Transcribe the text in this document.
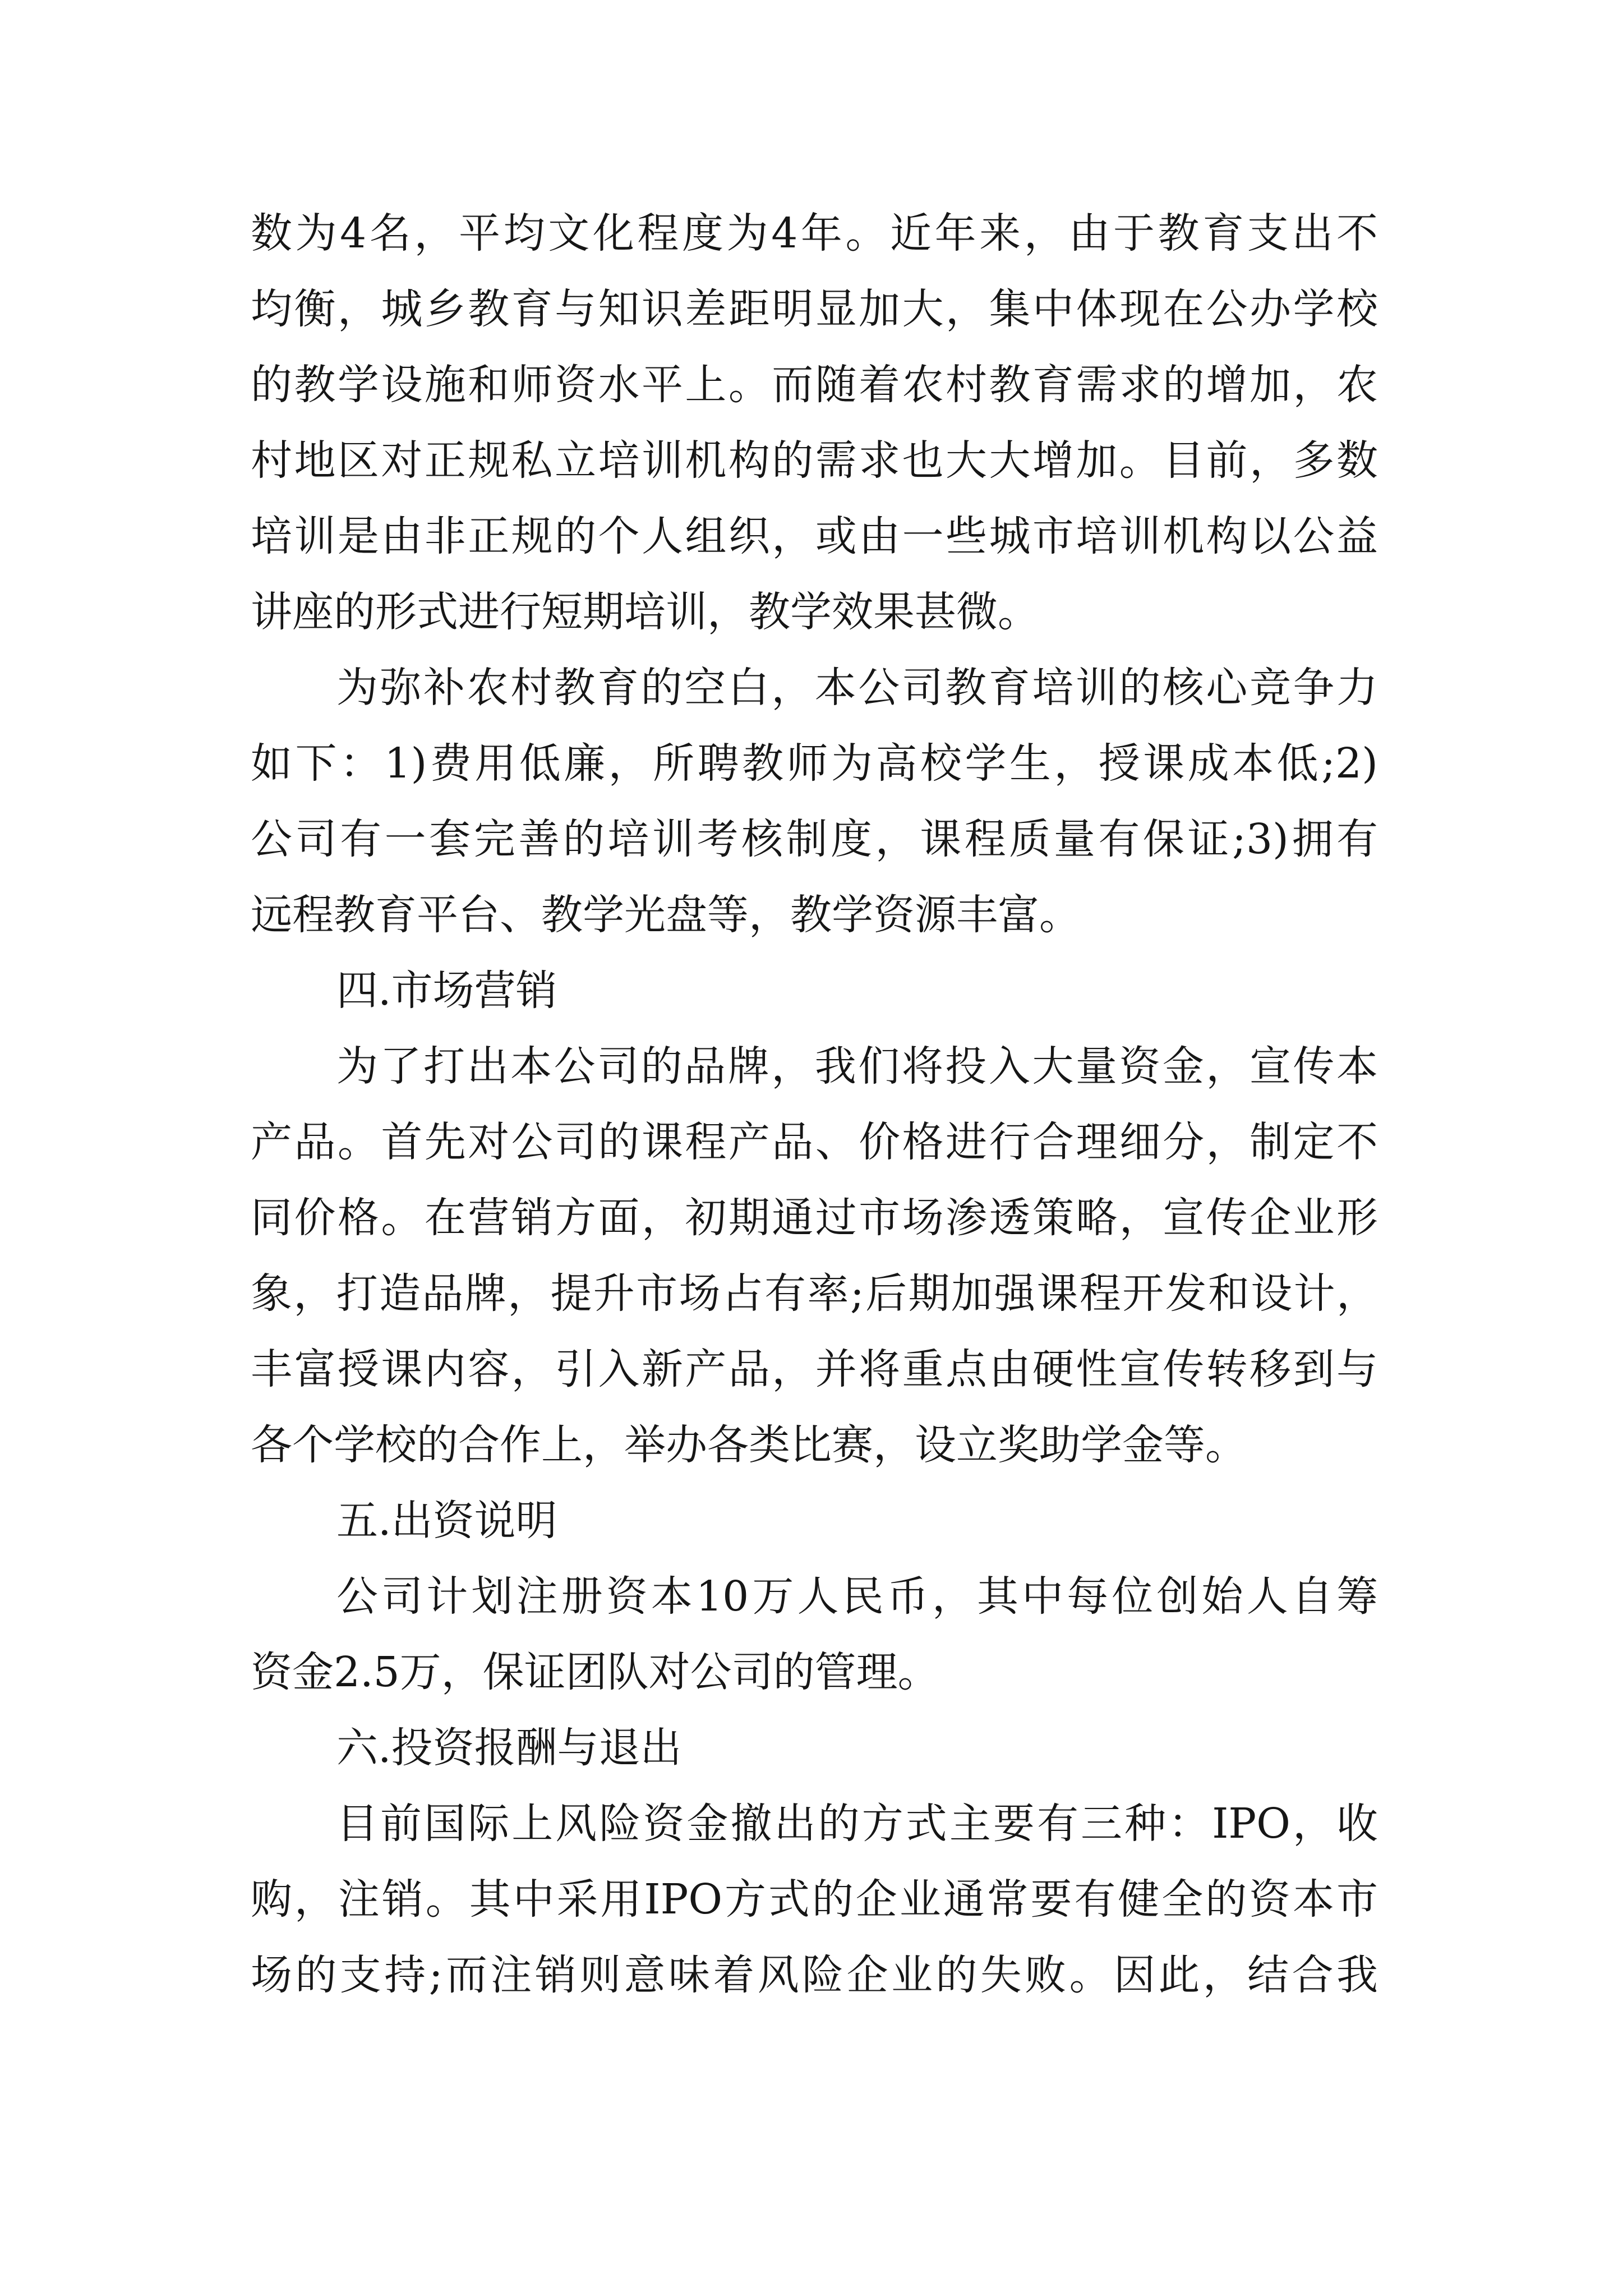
数为4名，平均文化程度为4年。近年来，由于教育支出不
均衡，城乡教育与知识差距明显加大，集中体现在公办学校
的教学设施和师资水平上。而随着农村教育需求的增加，农
村地区对正规私立培训机构的需求也大大增加。目前，多数
培训是由非正规的个人组织，或由一些城市培训机构以公益
讲座的形式进行短期培训，教学效果甚微。
为弥补农村教育的空白，本公司教育培训的核心竞争力
如下：1)费用低廉，所聘教师为高校学生，授课成本低;2)
公司有一套完善的培训考核制度，课程质量有保证;3)拥有
远程教育平台、教学光盘等，教学资源丰富。
四.市场营销
为了打出本公司的品牌，我们将投入大量资金，宣传本
产品。首先对公司的课程产品、价格进行合理细分，制定不
同价格。在营销方面，初期通过市场渗透策略，宣传企业形
象，打造品牌，提升市场占有率;后期加强课程开发和设计，
丰富授课内容，引入新产品，并将重点由硬性宣传转移到与
各个学校的合作上，举办各类比赛，设立奖助学金等。
五.出资说明
公司计划注册资本10万人民币，其中每位创始人自筹
资金2.5万，保证团队对公司的管理。
六.投资报酬与退出
目前国际上风险资金撤出的方式主要有三种：IPO，收
购，注销。其中采用IPO方式的企业通常要有健全的资本市
场的支持;而注销则意味着风险企业的失败。因此，结合我
